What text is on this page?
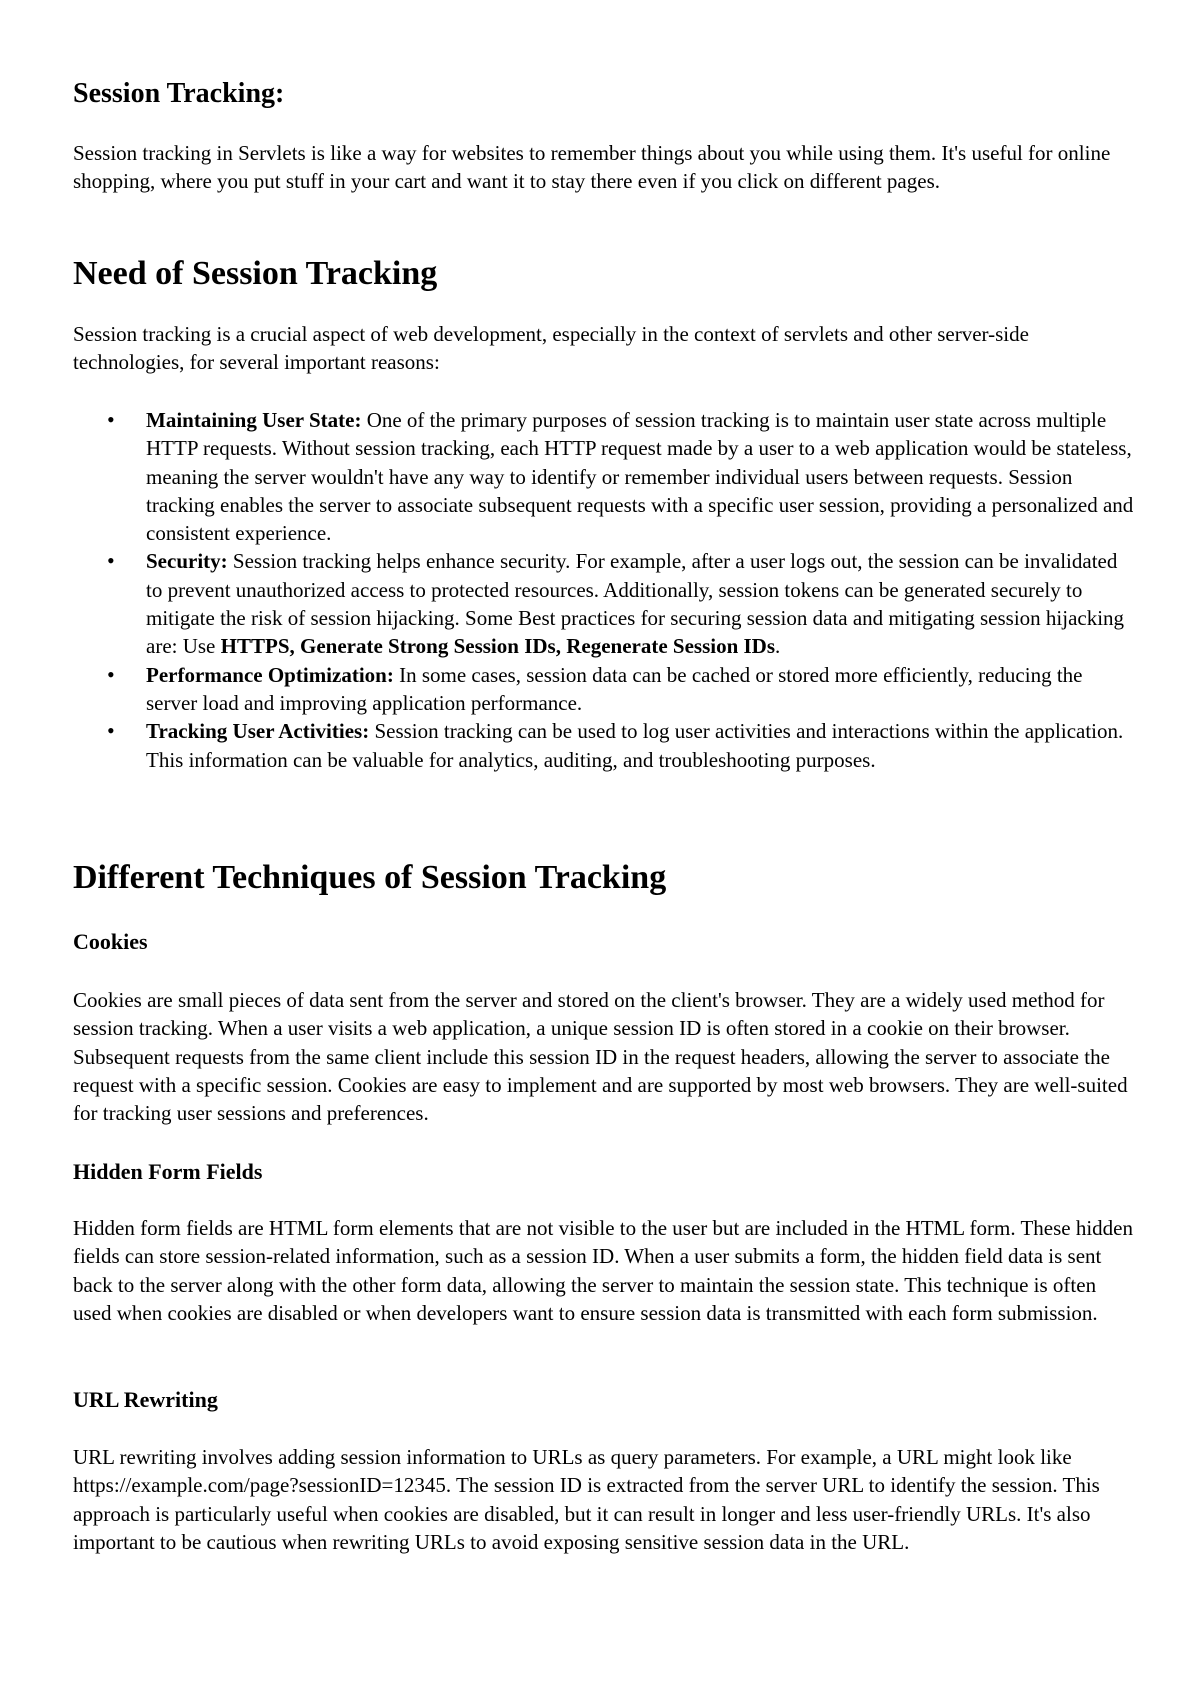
Session Tracking:

Session tracking in Servlets is like a way for websites to remember things about you while using them. It's useful for online shopping, where you put stuff in your cart and want it to stay there even if you click on different pages.

Need of Session Tracking

Session tracking is a crucial aspect of web development, especially in the context of servlets and other server-side technologies, for several important reasons:

• Maintaining User State: One of the primary purposes of session tracking is to maintain user state across multiple HTTP requests. Without session tracking, each HTTP request made by a user to a web application would be stateless, meaning the server wouldn't have any way to identify or remember individual users between requests. Session tracking enables the server to associate subsequent requests with a specific user session, providing a personalized and consistent experience.
• Security: Session tracking helps enhance security. For example, after a user logs out, the session can be invalidated to prevent unauthorized access to protected resources. Additionally, session tokens can be generated securely to mitigate the risk of session hijacking. Some Best practices for securing session data and mitigating session hijacking are: Use HTTPS, Generate Strong Session IDs, Regenerate Session IDs.
• Performance Optimization: In some cases, session data can be cached or stored more efficiently, reducing the server load and improving application performance.
• Tracking User Activities: Session tracking can be used to log user activities and interactions within the application. This information can be valuable for analytics, auditing, and troubleshooting purposes.
Different Techniques of Session Tracking
Cookies

Cookies are small pieces of data sent from the server and stored on the client's browser. They are a widely used method for session tracking. When a user visits a web application, a unique session ID is often stored in a cookie on their browser. Subsequent requests from the same client include this session ID in the request headers, allowing the server to associate the request with a specific session. Cookies are easy to implement and are supported by most web browsers. They are well-suited for tracking user sessions and preferences.

Hidden Form Fields

Hidden form fields are HTML form elements that are not visible to the user but are included in the HTML form. These hidden fields can store session-related information, such as a session ID. When a user submits a form, the hidden field data is sent back to the server along with the other form data, allowing the server to maintain the session state. This technique is often used when cookies are disabled or when developers want to ensure session data is transmitted with each form submission.

URL Rewriting

URL rewriting involves adding session information to URLs as query parameters. For example, a URL might look like https://example.com/page?sessionID=12345. The session ID is extracted from the server URL to identify the session. This approach is particularly useful when cookies are disabled, but it can result in longer and less user-friendly URLs. It's also important to be cautious when rewriting URLs to avoid exposing sensitive session data in the URL.
